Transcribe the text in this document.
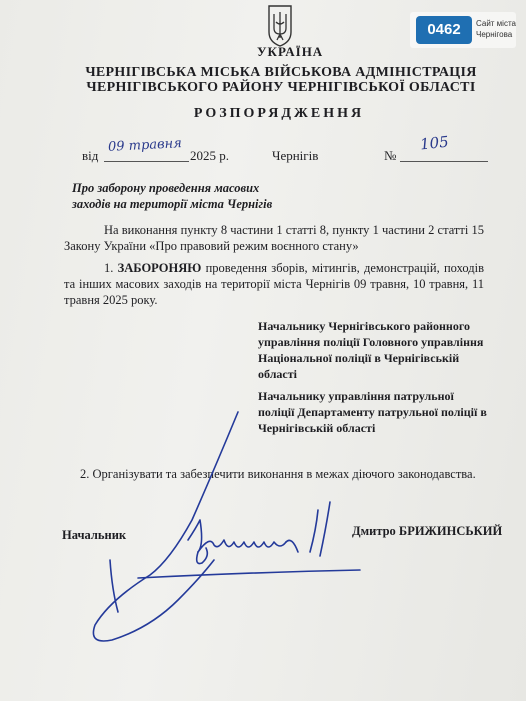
УКРАЇНА
ЧЕРНІГІВСЬКА МІСЬКА ВІЙСЬКОВА АДМІНІСТРАЦІЯ
ЧЕРНІГІВСЬКОГО РАЙОНУ ЧЕРНІГІВСЬКОЇ ОБЛАСТІ
РОЗПОРЯДЖЕННЯ
від
09 травня
2025 р.	Чернігів	№
105
Про заборону проведення масових
заходів на території міста Чернігів
На виконання пункту 8 частини 1 статті 8, пункту 1 частини 2 статті 15 Закону України «Про правовий режим воєнного стану»
1. ЗАБОРОНЯЮ проведення зборів, мітингів, демонстрацій, походів та інших масових заходів на території міста Чернігів 09 травня, 10 травня, 11 травня 2025 року.
Начальнику Чернігівського районного управління поліції Головного управління Національної поліції в Чернігівській області
Начальнику управління патрульної поліції Департаменту патрульної поліції в Чернігівській області
2. Організувати та забезпечити виконання в межах діючого законодавства.
Начальник	Дмитро БРИЖИНСЬКИЙ
0462	Сайт міста
Чернігова
